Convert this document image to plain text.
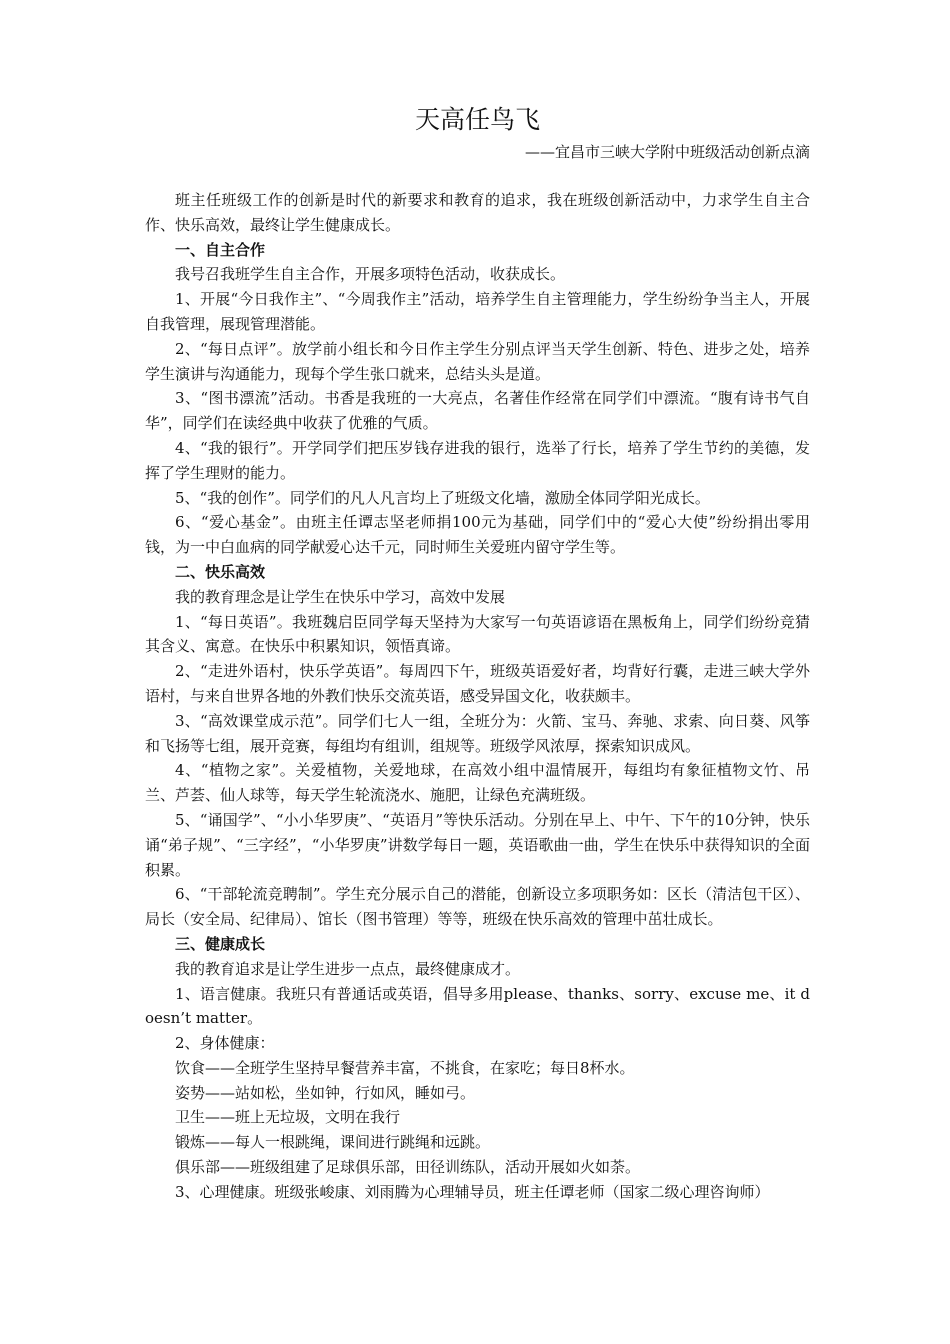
天高任鸟飞

——宜昌市三峡大学附中班级活动创新点滴

班主任班级工作的创新是时代的新要求和教育的追求，我在班级创新活动中，力求学生自主合作、快乐高效，最终让学生健康成长。

一、自主合作

我号召我班学生自主合作，开展多项特色活动，收获成长。

1、开展“今日我作主”、“今周我作主”活动，培养学生自主管理能力，学生纷纷争当主人，开展自我管理，展现管理潜能。

2、“每日点评”。放学前小组长和今日作主学生分别点评当天学生创新、特色、进步之处，培养学生演讲与沟通能力，现每个学生张口就来，总结头头是道。

3、“图书漂流”活动。书香是我班的一大亮点，名著佳作经常在同学们中漂流。“腹有诗书气自华”，同学们在读经典中收获了优雅的气质。

4、“我的银行”。开学同学们把压岁钱存进我的银行，选举了行长，培养了学生节约的美德，发挥了学生理财的能力。

5、“我的创作”。同学们的凡人凡言均上了班级文化墙，激励全体同学阳光成长。

6、“爱心基金”。由班主任谭志坚老师捐100元为基础，同学们中的“爱心大使”纷纷捐出零用钱，为一中白血病的同学献爱心达千元，同时师生关爱班内留守学生等。

二、快乐高效

我的教育理念是让学生在快乐中学习，高效中发展

1、“每日英语”。我班魏启臣同学每天坚持为大家写一句英语谚语在黑板角上，同学们纷纷竞猜其含义、寓意。在快乐中积累知识，领悟真谛。

2、“走进外语村，快乐学英语”。每周四下午，班级英语爱好者，均背好行囊，走进三峡大学外语村，与来自世界各地的外教们快乐交流英语，感受异国文化，收获颇丰。

3、“高效课堂成示范”。同学们七人一组，全班分为：火箭、宝马、奔驰、求索、向日葵、风筝和飞扬等七组，展开竞赛，每组均有组训，组规等。班级学风浓厚，探索知识成风。

4、“植物之家”。关爱植物，关爱地球，在高效小组中温情展开，每组均有象征植物文竹、吊兰、芦荟、仙人球等，每天学生轮流浇水、施肥，让绿色充满班级。

5、“诵国学”、“小小华罗庚”、“英语月”等快乐活动。分别在早上、中午、下午的10分钟，快乐诵“弟子规”、“三字经”，“小华罗庚”讲数学每日一题，英语歌曲一曲，学生在快乐中获得知识的全面积累。

6、“干部轮流竞聘制”。学生充分展示自己的潜能，创新设立多项职务如：区长（清洁包干区）、局长（安全局、纪律局）、馆长（图书管理）等等，班级在快乐高效的管理中茁壮成长。

三、健康成长

我的教育追求是让学生进步一点点，最终健康成才。

1、语言健康。我班只有普通话或英语，倡导多用please、thanks、sorry、excuse me、it doesn’t matter。

2、身体健康：

饮食——全班学生坚持早餐营养丰富，不挑食，在家吃；每日8杯水。

姿势——站如松，坐如钟，行如风，睡如弓。

卫生——班上无垃圾，文明在我行

锻炼——每人一根跳绳，课间进行跳绳和远跳。

俱乐部——班级组建了足球俱乐部，田径训练队，活动开展如火如荼。

3、心理健康。班级张峻康、刘雨腾为心理辅导员，班主任谭老师（国家二级心理咨询师）
